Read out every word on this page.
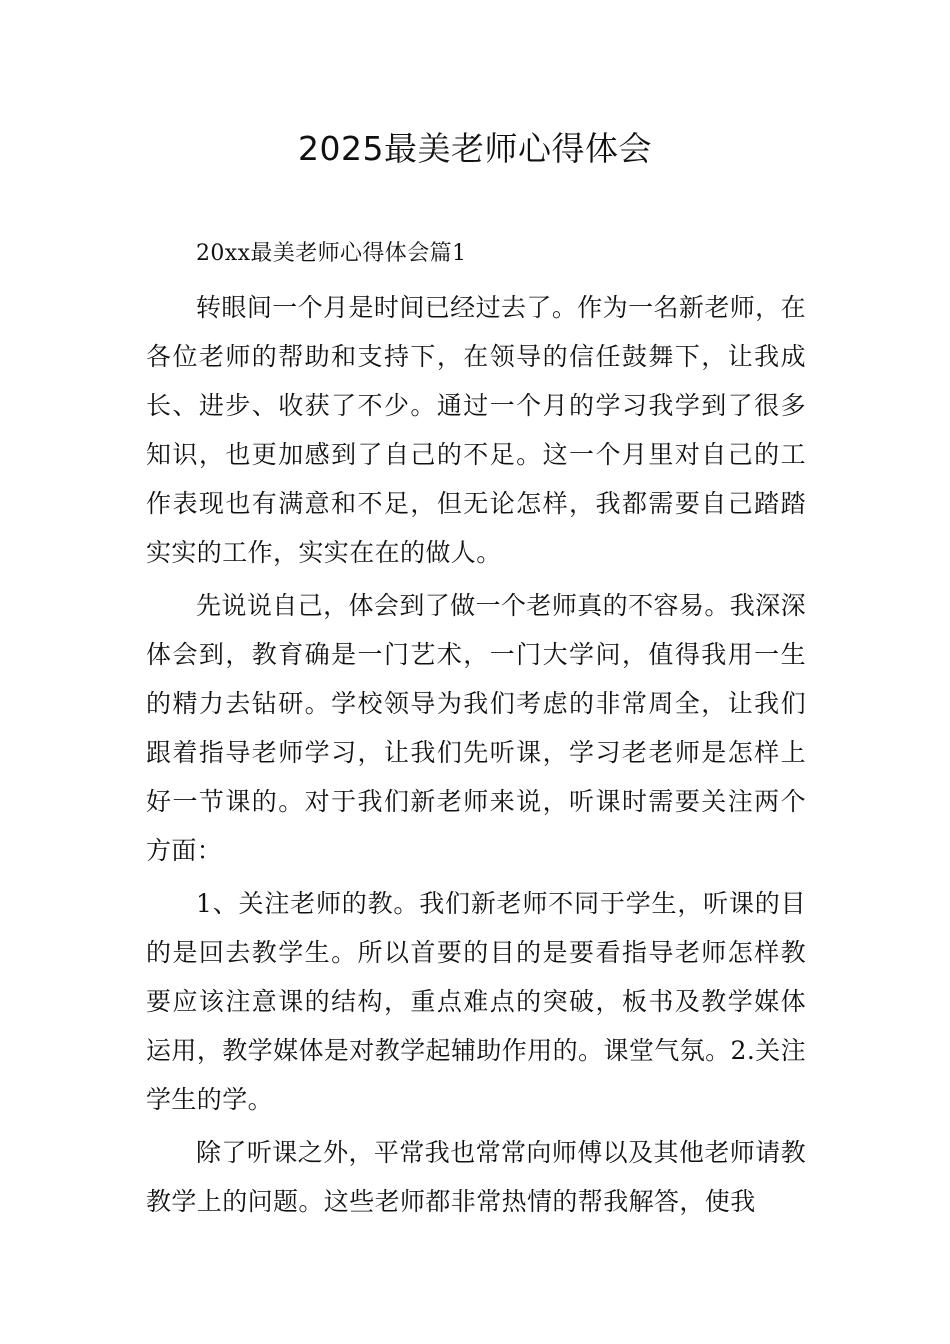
2025最美老师心得体会

20xx最美老师心得体会篇1

转眼间一个月是时间已经过去了。作为一名新老师，在各位老师的帮助和支持下，在领导的信任鼓舞下，让我成长、进步、收获了不少。通过一个月的学习我学到了很多知识，也更加感到了自己的不足。这一个月里对自己的工作表现也有满意和不足，但无论怎样，我都需要自己踏踏实实的工作，实实在在的做人。

先说说自己，体会到了做一个老师真的不容易。我深深体会到，教育确是一门艺术，一门大学问，值得我用一生的精力去钻研。学校领导为我们考虑的非常周全，让我们跟着指导老师学习，让我们先听课，学习老老师是怎样上好一节课的。对于我们新老师来说，听课时需要关注两个方面：

1、关注老师的教。我们新老师不同于学生，听课的目的是回去教学生。所以首要的目的是要看指导老师怎样教要应该注意课的结构，重点难点的突破，板书及教学媒体运用，教学媒体是对教学起辅助作用的。课堂气氛。2.关注学生的学。

除了听课之外，平常我也常常向师傅以及其他老师请教教学上的问题。这些老师都非常热情的帮我解答，使我
